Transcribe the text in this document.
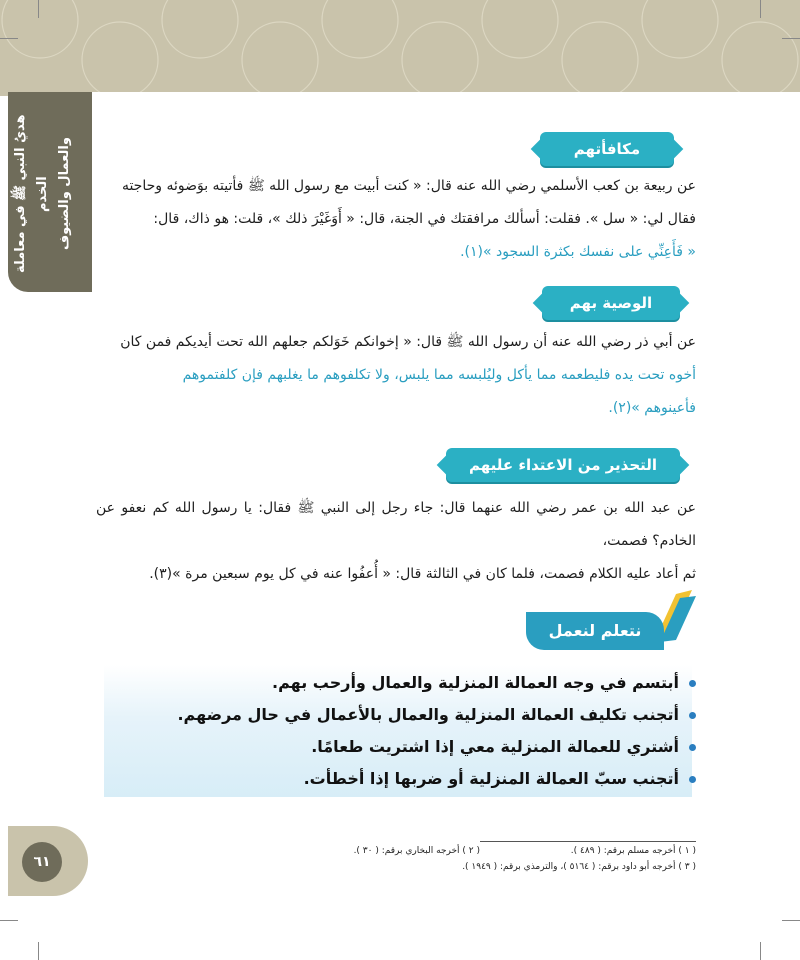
هديُ النبي ﷺ في معاملة الخدم والعمال والضيوف	مكافأتهم
عن ربيعة بن كعب الأسلمي رضي الله عنه قال: « كنت أبيت مع رسول الله ﷺ فأتيته بوَضوئه وحاجته
فقال لي: « سل ». فقلت: أسألك مرافقتك في الجنة، قال: « أَوَغَيْرَ ذلك »، قلت: هو ذاك، قال:
« فَأَعِنِّي على نفسك بكثرة السجود »(١).
الوصية بهم
عن أبي ذر رضي الله عنه أن رسول الله ﷺ قال: « إخوانكم خَوَلكم جعلهم الله تحت أيديكم فمن كان
أخوه تحت يده فليطعمه مما يأكل وليُلبسه مما يلبس، ولا تكلفوهم ما يغلبهم فإن كلفتموهم
فأعينوهم »(٢).
التحذير من الاعتداء عليهم
عن عبد الله بن عمر رضي الله عنهما قال: جاء رجل إلى النبي ﷺ فقال: يا رسول الله كم نعفو عن الخادم؟ فصمت،
ثم أعاد عليه الكلام فصمت، فلما كان في الثالثة قال: « أُعفُوا عنه في كل يوم سبعين مرة »(٣).
نتعلم لنعمل
أبتسم في وجه العمالة المنزلية والعمال وأرحب بهم.
أتجنب تكليف العمالة المنزلية والعمال بالأعمال في حال مرضهم.
أشتري للعمالة المنزلية معي إذا اشتريت طعامًا.
أتجنب سبّ العمالة المنزلية أو ضربها إذا أخطأت.
( ١ ) أخرجه مسلم برقم: ( ٤٨٩ ).
( ٢ ) أخرجه البخاري برقم: ( ٣٠ ).
( ٣ ) أخرجه أبو داود برقم: ( ٥١٦٤ )، والترمذي برقم: ( ١٩٤٩ ).
٦١
